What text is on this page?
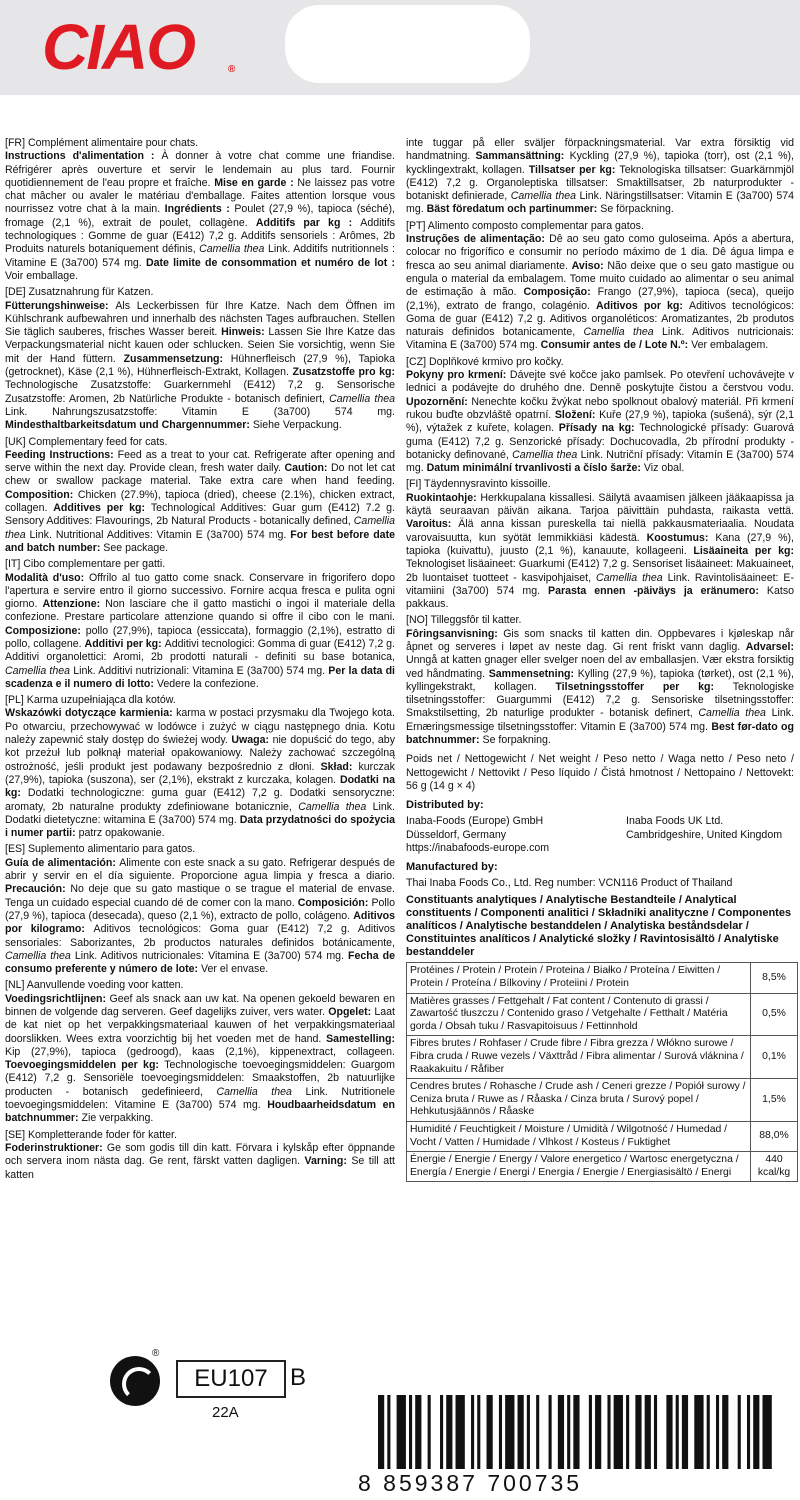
CIAO	®

[FR] Complément alimentaire pour chats.
Instructions d'alimentation : À donner à votre chat comme une friandise. Réfrigérer après ouverture et servir le lendemain au plus tard. Fournir quotidiennement de l'eau propre et fraîche. Mise en garde : Ne laissez pas votre chat mâcher ou avaler le matériau d'emballage. Faites attention lorsque vous nourrissez votre chat à la main. Ingrédients : Poulet (27,9 %), tapioca (séché), fromage (2,1 %), extrait de poulet, collagène. Additifs par kg : Additifs technologiques : Gomme de guar (E412) 7,2 g. Additifs sensoriels : Arômes, 2b Produits naturels botaniquement définis, Camellia thea Link. Additifs nutritionnels : Vitamine E (3a700) 574 mg. Date limite de consommation et numéro de lot : Voir emballage.

[DE] Zusatznahrung für Katzen.
Fütterungshinweise: Als Leckerbissen für Ihre Katze. Nach dem Öffnen im Kühlschrank aufbewahren und innerhalb des nächsten Tages aufbrauchen. Stellen Sie täglich sauberes, frisches Wasser bereit. Hinweis: Lassen Sie Ihre Katze das Verpackungsmaterial nicht kauen oder schlucken. Seien Sie vorsichtig, wenn Sie mit der Hand füttern. Zusammensetzung: Hühnerfleisch (27,9 %), Tapioka (getrocknet), Käse (2,1 %), Hühnerfleisch-Extrakt, Kollagen. Zusatzstoffe pro kg: Technologische Zusatzstoffe: Guarkernmehl (E412) 7,2 g. Sensorische Zusatzstoffe: Aromen, 2b Natürliche Produkte - botanisch definiert, Camellia thea Link. Nahrungszusatzstoffe: Vitamin E (3a700) 574 mg. Mindesthaltbarkeitsdatum und Chargennummer: Siehe Verpackung.

[UK] Complementary feed for cats.
Feeding Instructions: Feed as a treat to your cat. Refrigerate after opening and serve within the next day. Provide clean, fresh water daily. Caution: Do not let cat chew or swallow package material. Take extra care when hand feeding. Composition: Chicken (27.9%), tapioca (dried), cheese (2.1%), chicken extract, collagen. Additives per kg: Technological Additives: Guar gum (E412) 7.2 g. Sensory Additives: Flavourings, 2b Natural Products - botanically defined, Camellia thea Link. Nutritional Additives: Vitamin E (3a700) 574 mg. For best before date and batch number: See package.

[IT] Cibo complementare per gatti.
Modalità d'uso: Offrilo al tuo gatto come snack. Conservare in frigorifero dopo l'apertura e servire entro il giorno successivo. Fornire acqua fresca e pulita ogni giorno. Attenzione: Non lasciare che il gatto mastichi o ingoi il materiale della confezione. Prestare particolare attenzione quando si offre il cibo con le mani. Composizione: pollo (27,9%), tapioca (essiccata), formaggio (2,1%), estratto di pollo, collagene. Additivi per kg: Additivi tecnologici: Gomma di guar (E412) 7,2 g. Additivi organolettici: Aromi, 2b prodotti naturali - definiti su base botanica, Camellia thea Link. Additivi nutrizionali: Vitamina E (3a700) 574 mg. Per la data di scadenza e il numero di lotto: Vedere la confezione.

[PL] Karma uzupełniająca dla kotów.
Wskazówki dotyczące karmienia: karma w postaci przysmaku dla Twojego kota. Po otwarciu, przechowywać w lodówce i zużyć w ciągu następnego dnia. Kotu należy zapewnić stały dostęp do świeżej wody. Uwaga: nie dopuścić do tego, aby kot przeżuł lub połknął materiał opakowaniowy. Należy zachować szczególną ostrożność, jeśli produkt jest podawany bezpośrednio z dłoni. Skład: kurczak (27,9%), tapioka (suszona), ser (2,1%), ekstrakt z kurczaka, kolagen. Dodatki na kg: Dodatki technologiczne: guma guar (E412) 7,2 g. Dodatki sensoryczne: aromaty, 2b naturalne produkty zdefiniowane botanicznie, Camellia thea Link. Dodatki dietetyczne: witamina E (3a700) 574 mg. Data przydatności do spożycia i numer partii: patrz opakowanie.

[ES] Suplemento alimentario para gatos.
Guía de alimentación: Alimente con este snack a su gato. Refrigerar después de abrir y servir en el día siguiente. Proporcione agua limpia y fresca a diario. Precaución: No deje que su gato mastique o se trague el material de envase. Tenga un cuidado especial cuando dé de comer con la mano. Composición: Pollo (27,9 %), tapioca (desecada), queso (2,1 %), extracto de pollo, colágeno. Aditivos por kilogramo: Aditivos tecnológicos: Goma guar (E412) 7,2 g. Aditivos sensoriales: Saborizantes, 2b productos naturales definidos botánicamente, Camellia thea Link. Aditivos nutricionales: Vitamina E (3a700) 574 mg. Fecha de consumo preferente y número de lote: Ver el envase.

[NL] Aanvullende voeding voor katten.
Voedingsrichtlijnen: Geef als snack aan uw kat. Na openen gekoeld bewaren en binnen de volgende dag serveren. Geef dagelijks zuiver, vers water. Opgelet: Laat de kat niet op het verpakkingsmateriaal kauwen of het verpakkingsmateriaal doorslikken. Wees extra voorzichtig bij het voeden met de hand. Samestelling: Kip (27,9%), tapioca (gedroogd), kaas (2,1%), kippenextract, collageen. Toevoegingsmiddelen per kg: Technologische toevoegingsmiddelen: Guargom (E412) 7,2 g. Sensoriële toevoegingsmiddelen: Smaakstoffen, 2b natuurlijke producten - botanisch gedefinieerd, Camellia thea Link. Nutritionele toevoegingsmiddelen: Vitamine E (3a700) 574 mg. Houdbaarheidsdatum en batchnummer: Zie verpakking.

[SE] Kompletterande foder för katter.
Foderinstruktioner: Ge som godis till din katt. Förvara i kylskåp efter öppnande och servera inom nästa dag. Ge rent, färskt vatten dagligen. Varning: Se till att katten

inte tuggar på eller sväljer förpackningsmaterial. Var extra försiktig vid handmatning. Sammansättning: Kyckling (27,9 %), tapioka (torr), ost (2,1 %), kycklingextrakt, kollagen. Tillsatser per kg: Teknologiska tillsatser: Guarkärnmjöl (E412) 7,2 g. Organoleptiska tillsatser: Smaktillsatser, 2b naturprodukter - botaniskt definierade, Camellia thea Link. Näringstillsatser: Vitamin E (3a700) 574 mg. Bäst föredatum och partinummer: Se förpackning.

[PT] Alimento composto complementar para gatos.
Instruções de alimentação: Dê ao seu gato como guloseima. Após a abertura, colocar no frigorífico e consumir no período máximo de 1 dia. Dê água limpa e fresca ao seu animal diariamente. Aviso: Não deixe que o seu gato mastigue ou engula o material da embalagem. Tome muito cuidado ao alimentar o seu animal de estimação à mão. Composição: Frango (27,9%), tapioca (seca), queijo (2,1%), extrato de frango, colagénio. Aditivos por kg: Aditivos tecnológicos: Goma de guar (E412) 7,2 g. Aditivos organoléticos: Aromatizantes, 2b produtos naturais definidos botanicamente, Camellia thea Link. Aditivos nutricionais: Vitamina E (3a700) 574 mg. Consumir antes de / Lote N.º: Ver embalagem.

[CZ] Doplňkové krmivo pro kočky.
Pokyny pro krmení: Dávejte své kočce jako pamlsek. Po otevření uchovávejte v lednici a podávejte do druhého dne. Denně poskytujte čistou a čerstvou vodu. Upozornění: Nenechte kočku žvýkat nebo spolknout obalový materiál. Při krmení rukou buďte obzvláště opatrní. Složení: Kuře (27,9 %), tapioka (sušená), sýr (2,1 %), výtažek z kuřete, kolagen. Přísady na kg: Technologické přísady: Guarová guma (E412) 7,2 g. Senzorické přísady: Dochucovadla, 2b přírodní produkty - botanicky definované, Camellia thea Link. Nutriční přísady: Vitamín E (3a700) 574 mg. Datum minimální trvanlivosti a číslo šarže: Viz obal.

[FI] Täydennysravinto kissoille.
Ruokintaohje: Herkkupalana kissallesi. Säilytä avaamisen jälkeen jääkaapissa ja käytä seuraavan päivän aikana. Tarjoa päivittäin puhdasta, raikasta vettä. Varoitus: Älä anna kissan pureskella tai niellä pakkausmateriaalia. Noudata varovaisuutta, kun syötät lemmikkiäsi kädestä. Koostumus: Kana (27,9 %), tapioka (kuivattu), juusto (2,1 %), kanauute, kollageeni. Lisäaineita per kg: Teknologiset lisäaineet: Guarkumi (E412) 7,2 g. Sensoriset lisäaineet: Makuaineet, 2b luontaiset tuotteet - kasvipohjaiset, Camellia thea Link. Ravintolisäaineet: E-vitamiini (3a700) 574 mg. Parasta ennen -päiväys ja eränumero: Katso pakkaus.

[NO] Tilleggsfôr til katter.
Fôringsanvisning: Gis som snacks til katten din. Oppbevares i kjøleskap når åpnet og serveres i løpet av neste dag. Gi rent friskt vann daglig. Advarsel: Unngå at katten gnager eller svelger noen del av emballasjen. Vær ekstra forsiktig ved håndmating. Sammensetning: Kylling (27,9 %), tapioka (tørket), ost (2,1 %), kyllingekstrakt, kollagen. Tilsetningsstoffer per kg: Teknologiske tilsetningsstoffer: Guargummi (E412) 7,2 g. Sensoriske tilsetningsstoffer: Smakstilsetting, 2b naturlige produkter - botanisk definert, Camellia thea Link. Ernæringsmessige tilsetningsstoffer: Vitamin E (3a700) 574 mg. Best før-dato og batchnummer: Se forpakning.

Poids net / Nettogewicht / Net weight / Peso netto / Waga netto / Peso neto / Nettogewicht / Nettovikt / Peso líquido / Čistá hmotnost / Nettopaino / Nettovekt: 56 g (14 g × 4)

Distributed by:

Inaba-Foods (Europe) GmbH
Düsseldorf, Germany
https://inabafoods-europe.com
Inaba Foods UK Ltd.
Cambridgeshire, United Kingdom

Manufactured by:

Thai Inaba Foods Co., Ltd. Reg number: VCN116 Product of Thailand

Constituants analytiques / Analytische Bestandteile / Analytical constituents / Componenti analitici / Składniki analityczne / Componentes analíticos / Analytische bestanddelen / Analytiska beståndsdelar / Constituintes analíticos / Analytické složky / Ravintosisältö / Analytiske bestanddeler

Protéines / Protein / Protein / Proteina / Białko / Proteína / Eiwitten / Protein / Proteína / Bílkoviny / Proteiini / Protein	8,5%
Matières grasses / Fettgehalt / Fat content / Contenuto di grassi / Zawartość tłuszczu / Contenido graso / Vetgehalte / Fetthalt / Matéria gorda / Obsah tuku / Rasvapitoisuus / Fettinnhold	0,5%
Fibres brutes / Rohfaser / Crude fibre / Fibra grezza / Włókno surowe / Fibra cruda / Ruwe vezels / Växttråd / Fibra alimentar / Surová vláknina / Raakakuitu / Råfiber	0,1%
Cendres brutes / Rohasche / Crude ash / Ceneri grezze / Popiół surowy / Ceniza bruta / Ruwe as / Råaska / Cinza bruta / Surový popel / Hehkutusjäännös / Råaske	1,5%
Humidité / Feuchtigkeit / Moisture / Umidità / Wilgotność / Humedad / Vocht / Vatten / Humidade / Vlhkost / Kosteus / Fuktighet	88,0%
Énergie / Energie / Energy / Valore energetico / Wartosc energetyczna / Energía / Energie / Energi / Energia / Energie / Energiasisältö / Energi	440 kcal/kg
®
EU107 B
22A
8 859387 700735
